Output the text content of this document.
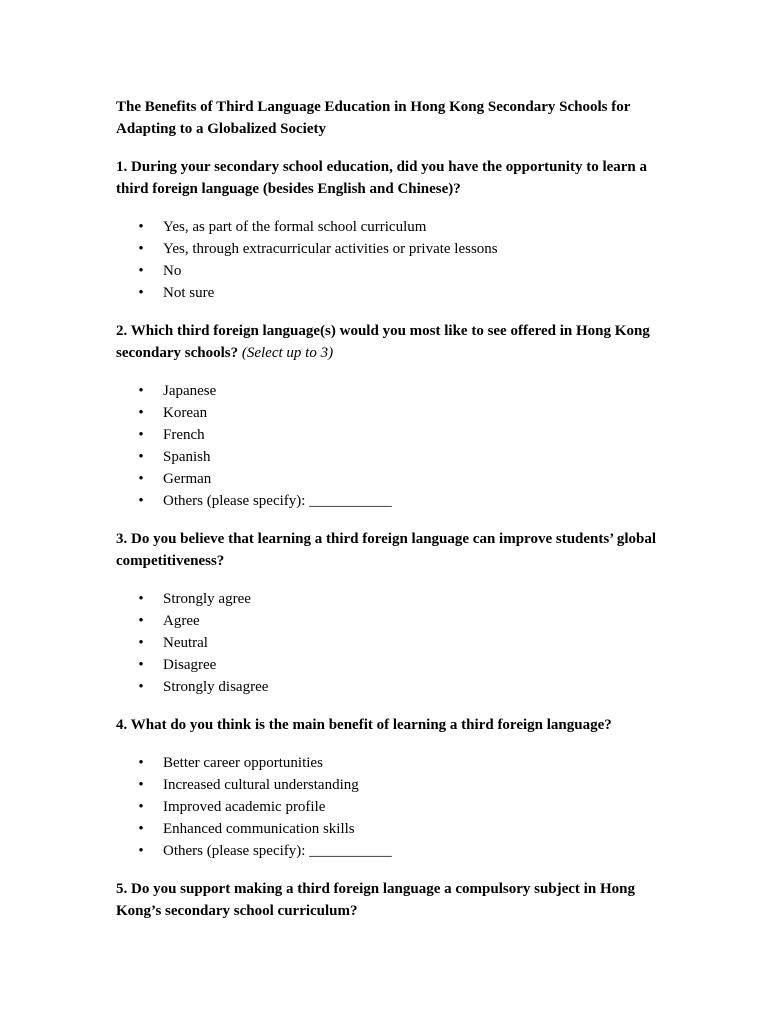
The Benefits of Third Language Education in Hong Kong Secondary Schools for Adapting to a Globalized Society

1. During your secondary school education, did you have the opportunity to learn a third foreign language (besides English and Chinese)?

• Yes, as part of the formal school curriculum
• Yes, through extracurricular activities or private lessons
• No
• Not sure

2. Which third foreign language(s) would you most like to see offered in Hong Kong secondary schools? (Select up to 3)

• Japanese
• Korean
• French
• Spanish
• German
• Others (please specify): ___________

3. Do you believe that learning a third foreign language can improve students’ global competitiveness?

• Strongly agree
• Agree
• Neutral
• Disagree
• Strongly disagree

4. What do you think is the main benefit of learning a third foreign language?

• Better career opportunities
• Increased cultural understanding
• Improved academic profile
• Enhanced communication skills
• Others (please specify): ___________

5. Do you support making a third foreign language a compulsory subject in Hong Kong’s secondary school curriculum?
